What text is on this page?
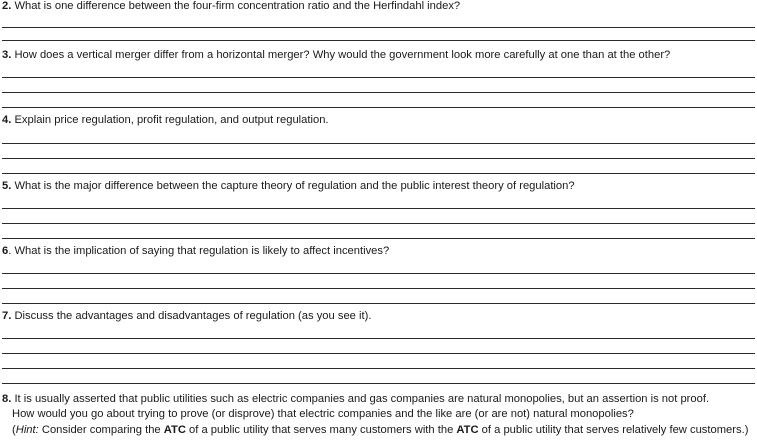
2. What is one difference between the four-firm concentration ratio and the Herfindahl index?
3. How does a vertical merger differ from a horizontal merger? Why would the government look more carefully at one than at the other?
4. Explain price regulation, profit regulation, and output regulation.
5. What is the major difference between the capture theory of regulation and the public interest theory of regulation?
6. What is the implication of saying that regulation is likely to affect incentives?
7. Discuss the advantages and disadvantages of regulation (as you see it).
8. It is usually asserted that public utilities such as electric companies and gas companies are natural monopolies, but an assertion is not proof.
How would you go about trying to prove (or disprove) that electric companies and the like are (or are not) natural monopolies?
(Hint: Consider comparing the ATC of a public utility that serves many customers with the ATC of a public utility that serves relatively few customers.)
